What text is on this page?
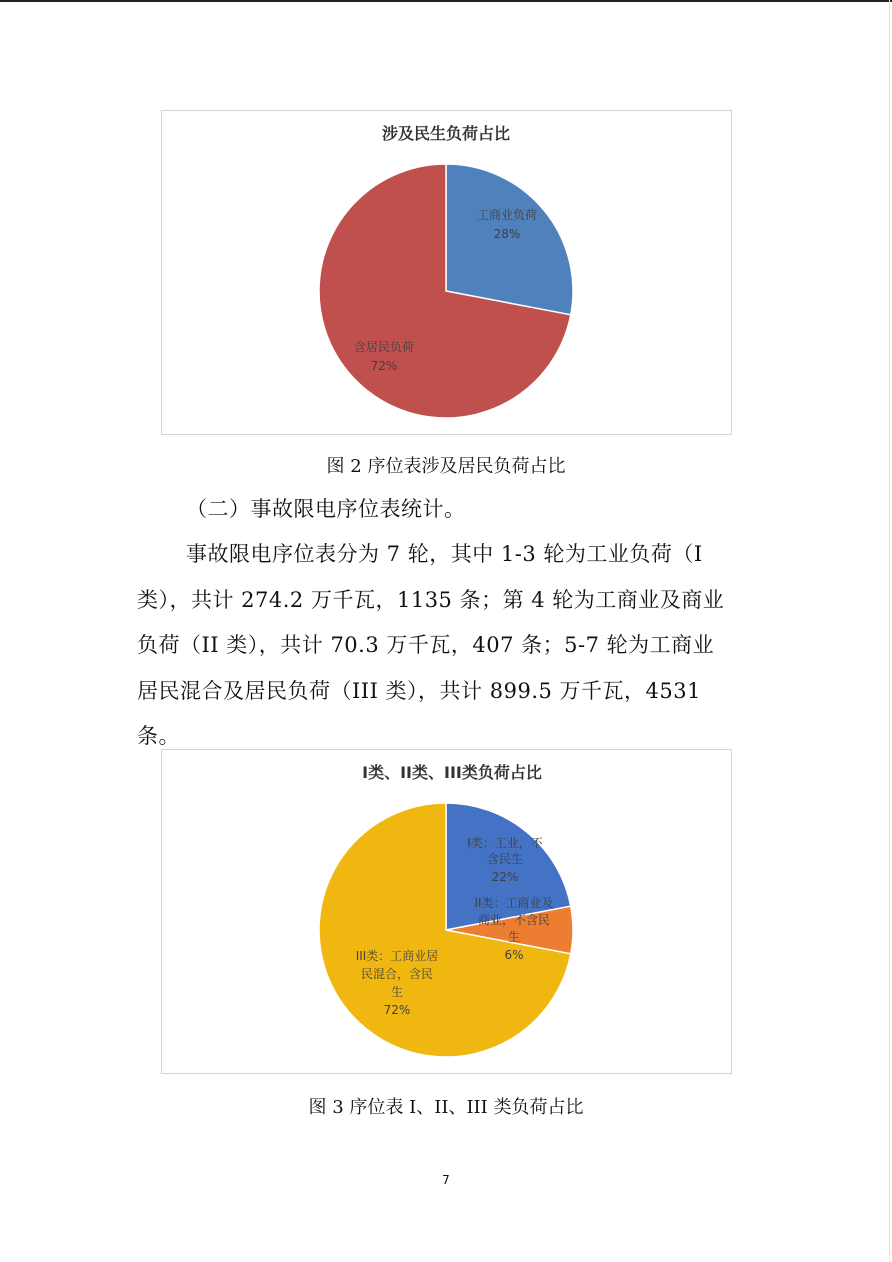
涉及民生负荷占比
工商业负荷
28%
含居民负荷
72%
图 2 序位表涉及居民负荷占比
（二）事故限电序位表统计。
事故限电序位表分为 7 轮，其中 1-3 轮为工业负荷（I
类），共计 274.2 万千瓦，1135 条；第 4 轮为工商业及商业
负荷（II 类），共计 70.3 万千瓦，407 条；5-7 轮为工商业
居民混合及居民负荷（III 类），共计 899.5 万千瓦，4531
条。
I类、II类、III类负荷占比
I类：工业，不
含民生
22%
II类：工商业及
商业，不含民
生
6%
III类：工商业居
民混合，含民
生
72%
图 3 序位表 I、II、III 类负荷占比
7
